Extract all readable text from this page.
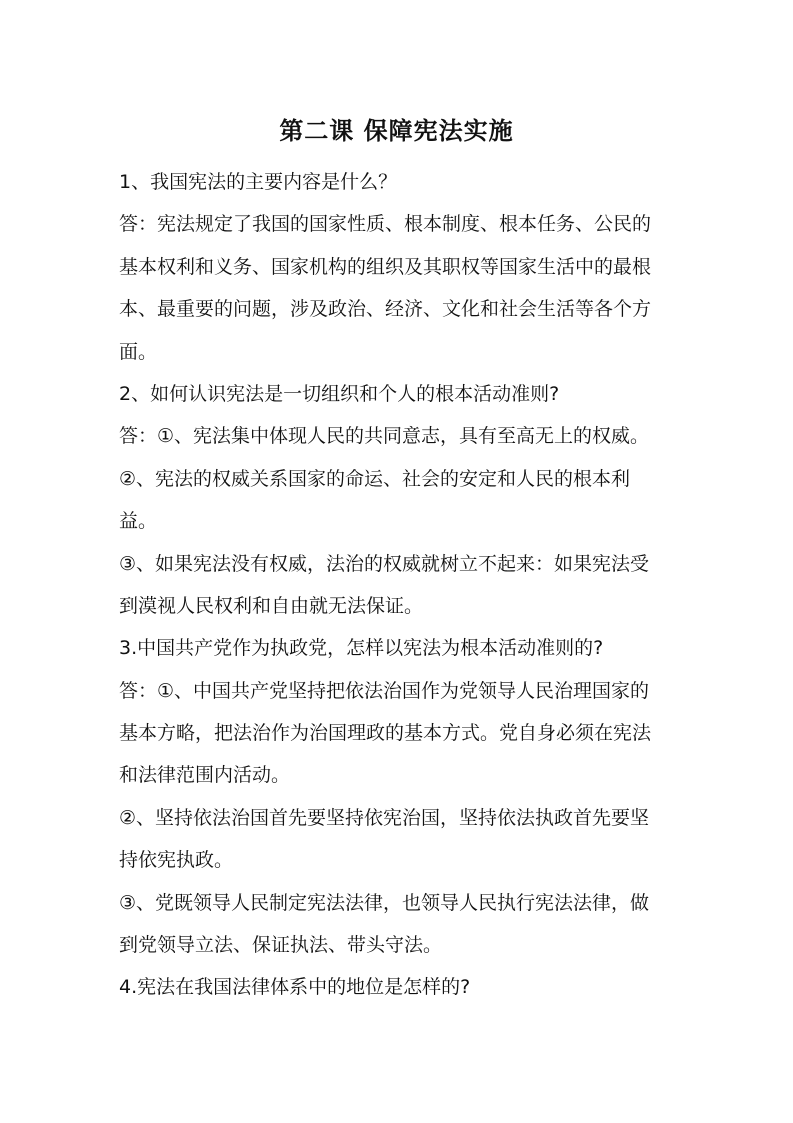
第二课 保障宪法实施
1、我国宪法的主要内容是什么？
答：宪法规定了我国的国家性质、根本制度、根本任务、公民的
基本权利和义务、国家机构的组织及其职权等国家生活中的最根
本、最重要的问题，涉及政治、经济、文化和社会生活等各个方
面。
2、如何认识宪法是一切组织和个人的根本活动准则?
答：①、宪法集中体现人民的共同意志，具有至高无上的权威。
②、宪法的权威关系国家的命运、社会的安定和人民的根本利
益。
③、如果宪法没有权威，法治的权威就树立不起来：如果宪法受
到漠视人民权利和自由就无法保证。
3.中国共产党作为执政党，怎样以宪法为根本活动准则的?
答：①、中国共产党坚持把依法治国作为党领导人民治理国家的
基本方略，把法治作为治国理政的基本方式。党自身必须在宪法
和法律范围内活动。
②、坚持依法治国首先要坚持依宪治国，坚持依法执政首先要坚
持依宪执政。
③、党既领导人民制定宪法法律，也领导人民执行宪法法律，做
到党领导立法、保证执法、带头守法。
4.宪法在我国法律体系中的地位是怎样的?
